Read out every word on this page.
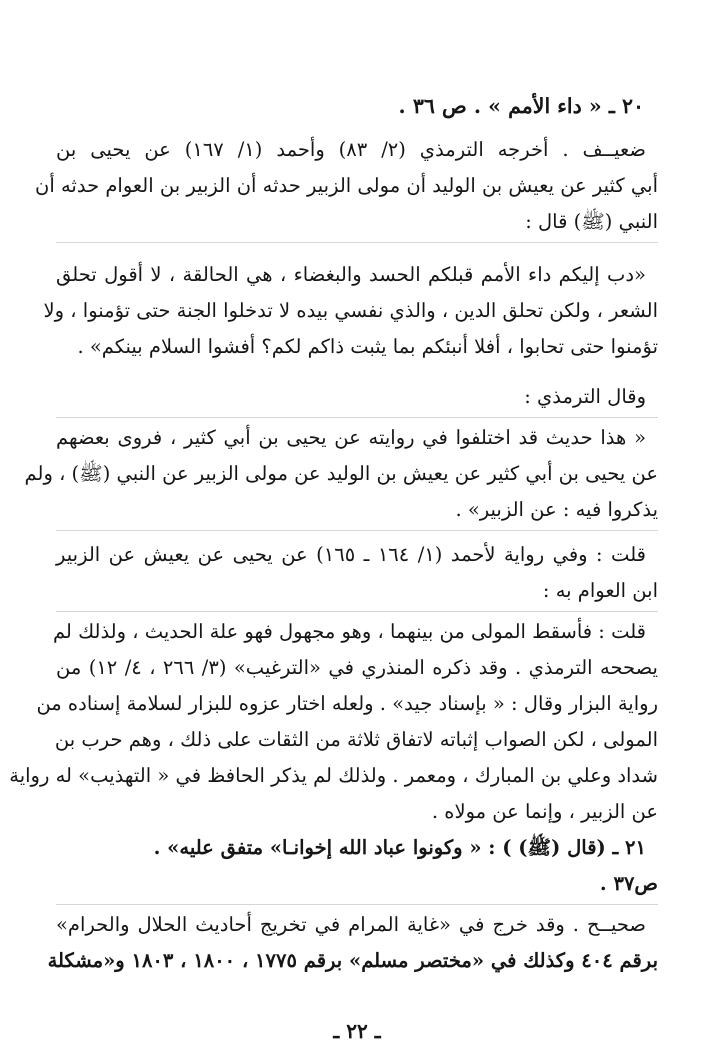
٢٠ ـ « داء الأمم » . ص ٣٦ .
ضعيــف . أخرجه الترمذي (٢/ ٨٣) وأحمد (١/ ١٦٧) عن يحيى بن
أبي كثير عن يعيش بن الوليد أن مولى الزبير حدثه أن الزبير بن العوام حدثه أن
النبي (ﷺ) قال :
«دب إليكم داء الأمم قبلكم الحسد والبغضاء ، هي الحالقة ، لا أقول تحلق
الشعر ، ولكن تحلق الدين ، والذي نفسي بيده لا تدخلوا الجنة حتى تؤمنوا ، ولا
تؤمنوا حتى تحابوا ، أفلا أنبئكم بما يثبت ذاكم لكم؟ أفشوا السلام بينكم» .
وقال الترمذي :
« هذا حديث قد اختلفوا في روايته عن يحيى بن أبي كثير ، فروى بعضهم
عن يحيى بن أبي كثير عن يعيش بن الوليد عن مولى الزبير عن النبي (ﷺ) ، ولم
يذكروا فيه : عن الزبير» .
قلت : وفي رواية لأحمد (١/ ١٦٤ ـ ١٦٥) عن يحيى عن يعيش عن الزبير
ابن العوام به :
قلت : فأسقط المولى من بينهما ، وهو مجهول فهو علة الحديث ، ولذلك لم
يصححه الترمذي . وقد ذكره المنذري في «الترغيب» (٣/ ٢٦٦ ، ٤/ ١٢) من
رواية البزار وقال : « بإسناد جيد» . ولعله اختار عزوه للبزار لسلامة إسناده من
المولى ، لكن الصواب إثباته لاتفاق ثلاثة من الثقات على ذلك ، وهم حرب بن
شداد وعلي بن المبارك ، ومعمر . ولذلك لم يذكر الحافظ في « التهذيب» له رواية
عن الزبير ، وإنما عن مولاه .
٢١ ـ (قال (ﷺ) ) : « وكونوا عباد الله إخوانـا» متفق عليه» .
ص٣٧ .
صحيــح . وقد خرج في «غاية المرام في تخريج أحاديث الحلال والحرام»
برقم ٤٠٤ وكذلك في «مختصر مسلم» برقم ١٧٧٥ ، ١٨٠٠ ، ١٨٠٣ و«مشكلة
ـ ٢٢ ـ
